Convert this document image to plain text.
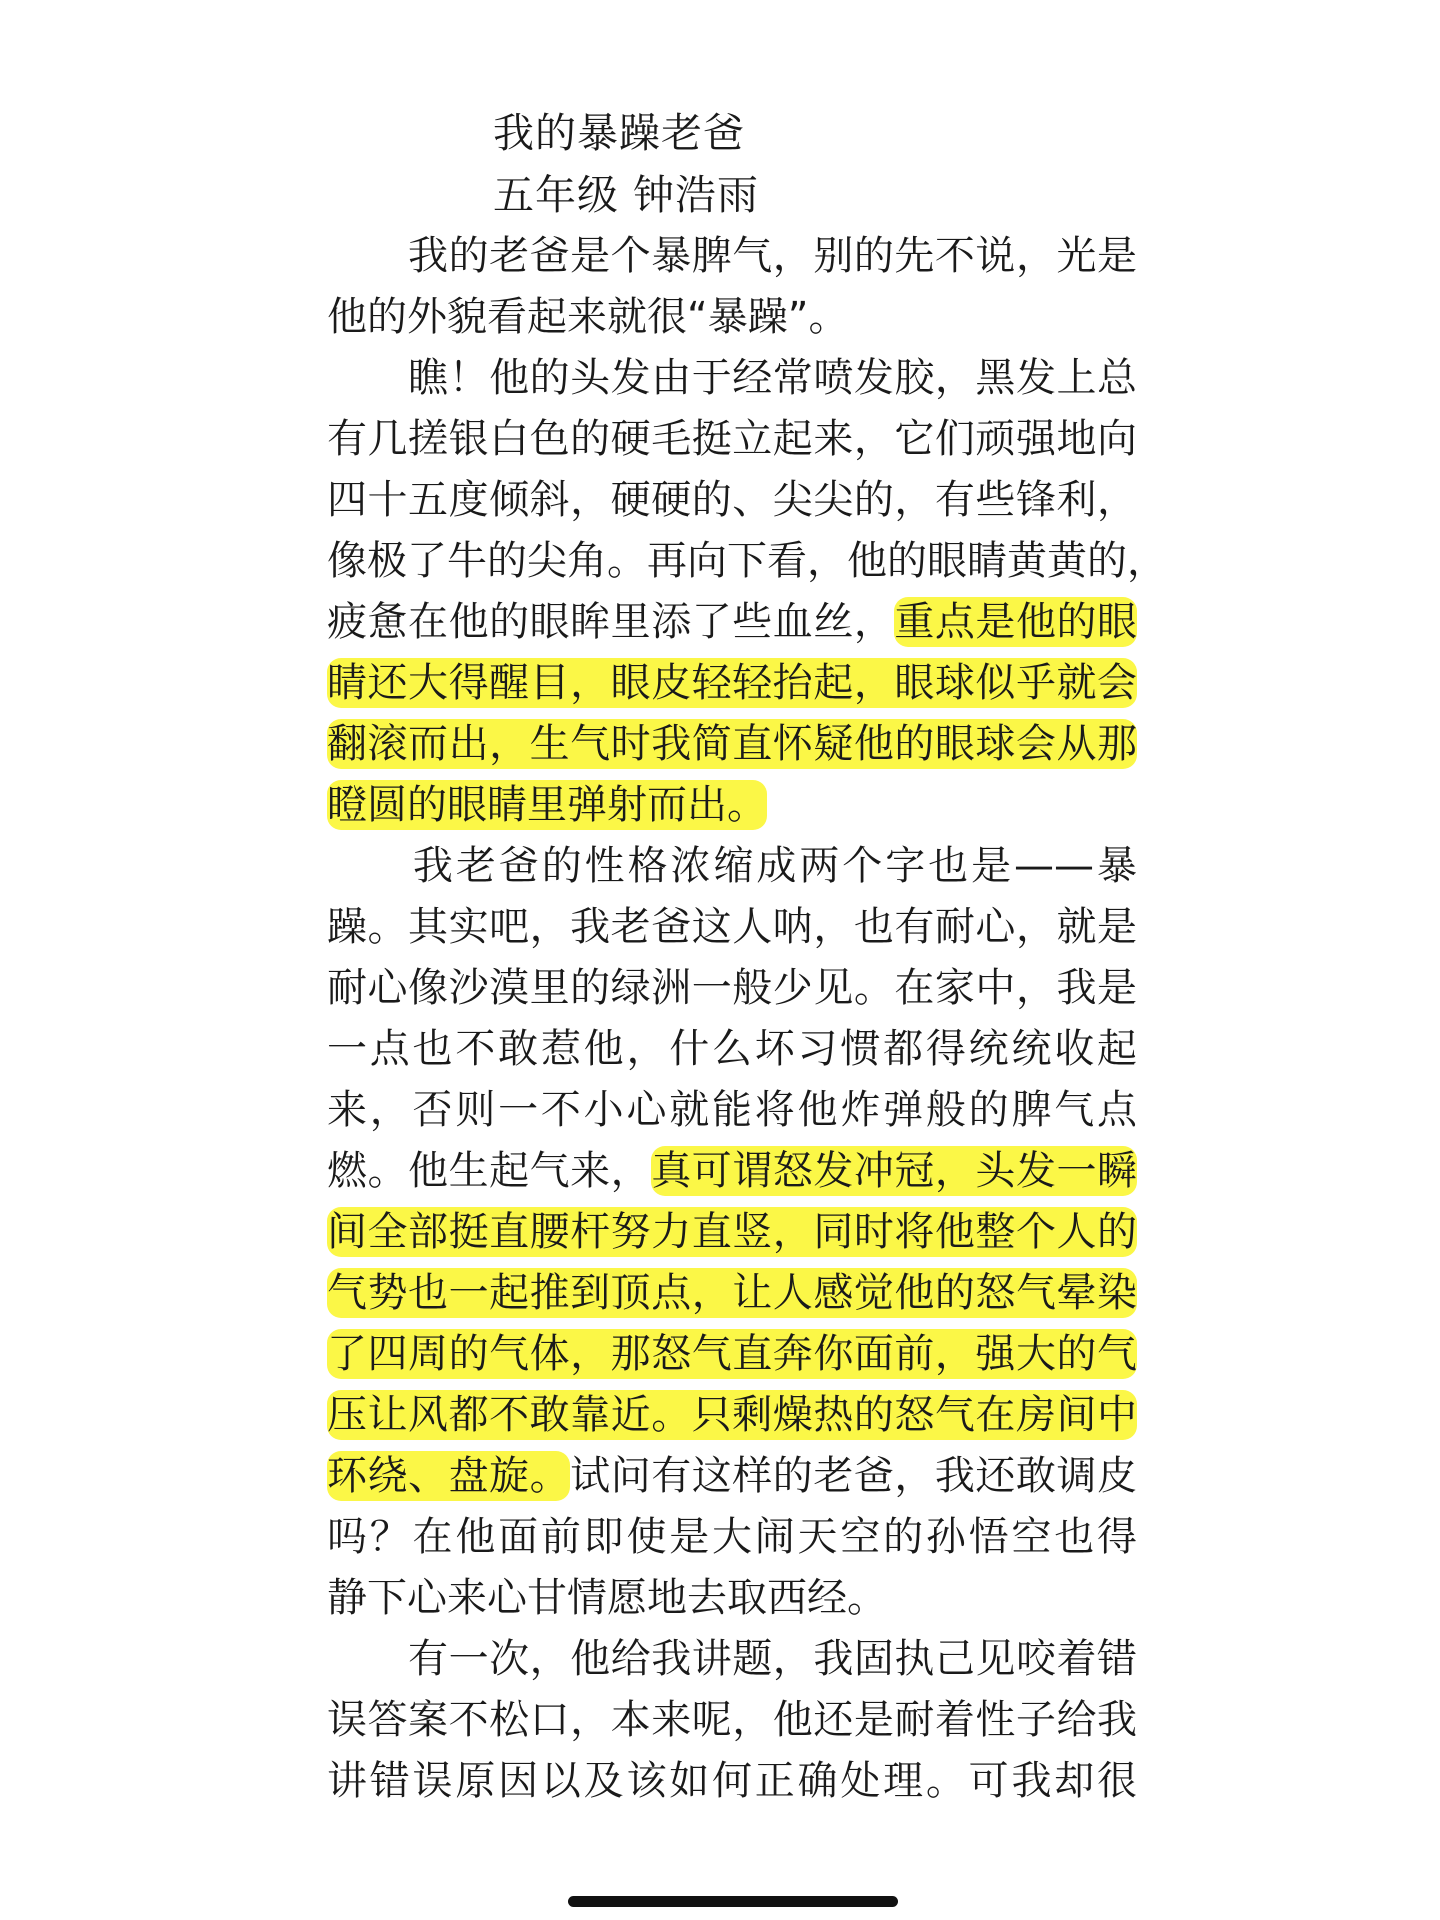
我的暴躁老爸
五年级 钟浩雨
　　我的老爸是个暴脾气，别的先不说，光是
他的外貌看起来就很“暴躁”。
　　瞧！他的头发由于经常喷发胶，黑发上总
有几搓银白色的硬毛挺立起来，它们顽强地向
四十五度倾斜，硬硬的、尖尖的，有些锋利，
像极了牛的尖角。再向下看，他的眼睛黄黄的，
疲惫在他的眼眸里添了些血丝，重点是他的眼
睛还大得醒目，眼皮轻轻抬起，眼球似乎就会
翻滚而出，生气时我简直怀疑他的眼球会从那
瞪圆的眼睛里弹射而出。
　　我老爸的性格浓缩成两个字也是——暴
躁。其实吧，我老爸这人呐，也有耐心，就是
耐心像沙漠里的绿洲一般少见。在家中，我是
一点也不敢惹他，什么坏习惯都得统统收起
来，否则一不小心就能将他炸弹般的脾气点
燃。他生起气来，真可谓怒发冲冠，头发一瞬
间全部挺直腰杆努力直竖，同时将他整个人的
气势也一起推到顶点，让人感觉他的怒气晕染
了四周的气体，那怒气直奔你面前，强大的气
压让风都不敢靠近。只剩燥热的怒气在房间中
环绕、盘旋。试问有这样的老爸，我还敢调皮
吗？在他面前即使是大闹天空的孙悟空也得
静下心来心甘情愿地去取西经。
　　有一次，他给我讲题，我固执己见咬着错
误答案不松口，本来呢，他还是耐着性子给我
讲错误原因以及该如何正确处理。可我却很
